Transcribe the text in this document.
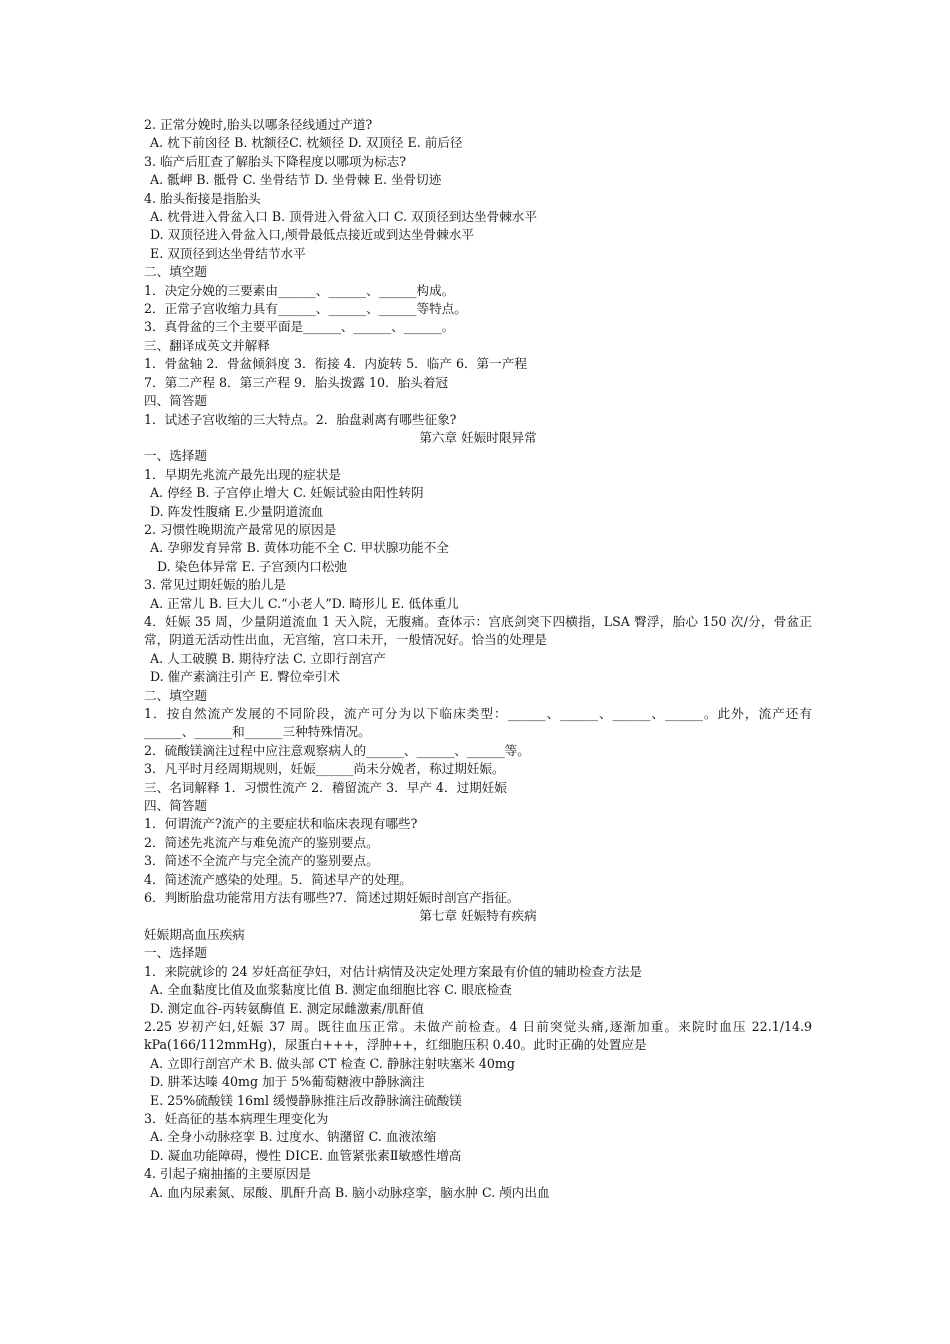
2. 正常分娩时,胎头以哪条径线通过产道?
A. 枕下前囟径 B. 枕额径C. 枕颏径 D. 双顶径 E. 前后径
3. 临产后肛查了解胎头下降程度以哪项为标志?
A. 骶岬 B. 骶骨 C. 坐骨结节 D. 坐骨棘 E. 坐骨切迹
4. 胎头衔接是指胎头
A. 枕骨进入骨盆入口 B. 顶骨进入骨盆入口 C. 双顶径到达坐骨棘水平
D. 双顶径进入骨盆入口,颅骨最低点接近或到达坐骨棘水平
E. 双顶径到达坐骨结节水平
二、填空题
1．决定分娩的三要素由______、______、______构成。
2．正常子宫收缩力具有______、______、______等特点。
3．真骨盆的三个主要平面是______、______、______。
三、翻译成英文并解释
1．骨盆轴 2．骨盆倾斜度 3．衔接 4．内旋转 5．临产 6．第一产程
7．第二产程 8．第三产程 9．胎头拨露 10．胎头着冠
四、简答题
1．试述子宫收缩的三大特点。2．胎盘剥离有哪些征象?
第六章 妊娠时限异常
一、选择题
1．早期先兆流产最先出现的症状是
A. 停经 B. 子宫停止增大 C. 妊娠试验由阳性转阴
D. 阵发性腹痛 E.少量阴道流血
2. 习惯性晚期流产最常见的原因是
A. 孕卵发育异常 B. 黄体功能不全 C. 甲状腺功能不全
D. 染色体异常 E. 子宫颈内口松弛
3. 常见过期妊娠的胎儿是
A. 正常儿 B. 巨大儿 C.“小老人”D. 畸形儿 E. 低体重儿
4．妊娠 35 周，少量阴道流血 1 天入院，无腹痛。查体示：宫底剑突下四横指，LSA 臀浮，胎心 150 次/分，骨盆正常，阴道无活动性出血，无宫缩，宫口未开，一般情况好。恰当的处理是
A. 人工破膜 B. 期待疗法 C. 立即行剖宫产
D. 催产素滴注引产 E. 臀位牵引术
二、填空题
1．按自然流产发展的不同阶段，流产可分为以下临床类型：______、______、______、______。此外，流产还有______、______和______三种特殊情况。
2．硫酸镁滴注过程中应注意观察病人的______、______、______等。
3．凡平时月经周期规则，妊娠______尚未分娩者，称过期妊娠。
三、名词解释 1．习惯性流产 2．稽留流产 3．早产 4．过期妊娠
四、简答题
1．何谓流产?流产的主要症状和临床表现有哪些?
2．简述先兆流产与难免流产的鉴别要点。
3．简述不全流产与完全流产的鉴别要点。
4．简述流产感染的处理。5．简述早产的处理。
6．判断胎盘功能常用方法有哪些?7．简述过期妊娠时剖宫产指征。
第七章 妊娠特有疾病
妊娠期高血压疾病
一、选择题
1．来院就诊的 24 岁妊高征孕妇，对估计病情及决定处理方案最有价值的辅助检查方法是
A. 全血黏度比值及血浆黏度比值 B. 测定血细胞比容 C. 眼底检查
D. 测定血谷-丙转氨酶值 E. 测定尿雌激素/肌酐值
2.25 岁初产妇,妊娠 37 周。既往血压正常。未做产前检查。4 日前突觉头痛,逐渐加重。来院时血压 22.1/14.9 kPa(166/112mmHg)，尿蛋白+++，浮肿++，红细胞压积 0.40。此时正确的处置应是
A. 立即行剖宫产术 B. 做头部 CT 检查 C. 静脉注射呋塞米 40mg
D. 肼苯达嗪 40mg 加于 5%葡萄糖液中静脉滴注
E. 25%硫酸镁 16ml 缓慢静脉推注后改静脉滴注硫酸镁
3．妊高征的基本病理生理变化为
A. 全身小动脉痉挛 B. 过度水、钠潴留 C. 血液浓缩
D. 凝血功能障碍，慢性 DICE. 血管紧张素Ⅱ敏感性增高
4. 引起子痫抽搐的主要原因是
A. 血内尿素氮、尿酸、肌酐升高 B. 脑小动脉痉挛，脑水肿 C. 颅内出血
